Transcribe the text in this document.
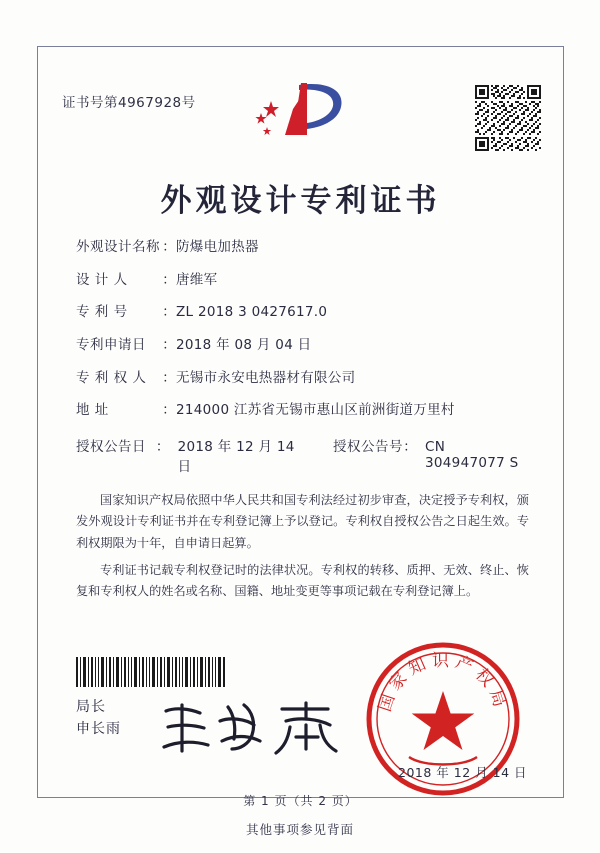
证书号第4967928号
外观设计专利证书
外观设计名称 ： 防爆电加热器
设 计 人	： 唐维军
专 利 号	： ZL 2018 3 0427617.0
专利申请日	： 2018 年 08 月 04 日
专 利 权 人	： 无锡市永安电热器材有限公司
地 址	： 214000 江苏省无锡市惠山区前洲街道万里村
授权公告日 ： 2018 年 12 月 14 日
授权公告号 ： CN 304947077 S

国家知识产权局依照中华人民共和国专利法经过初步审查，决定授予专利权，颁发外观设计专利证书并在专利登记簿上予以登记。专利权自授权公告之日起生效。专利权期限为十年，自申请日起算。

专利证书记载专利权登记时的法律状况。专利权的转移、质押、无效、终止、恢复和专利权人的姓名或名称、国籍、地址变更等事项记载在专利登记簿上。

局长
申长雨
国家知识产权局
2018 年 12 月 14 日
第 1 页（共 2 页）
其他事项参见背面
